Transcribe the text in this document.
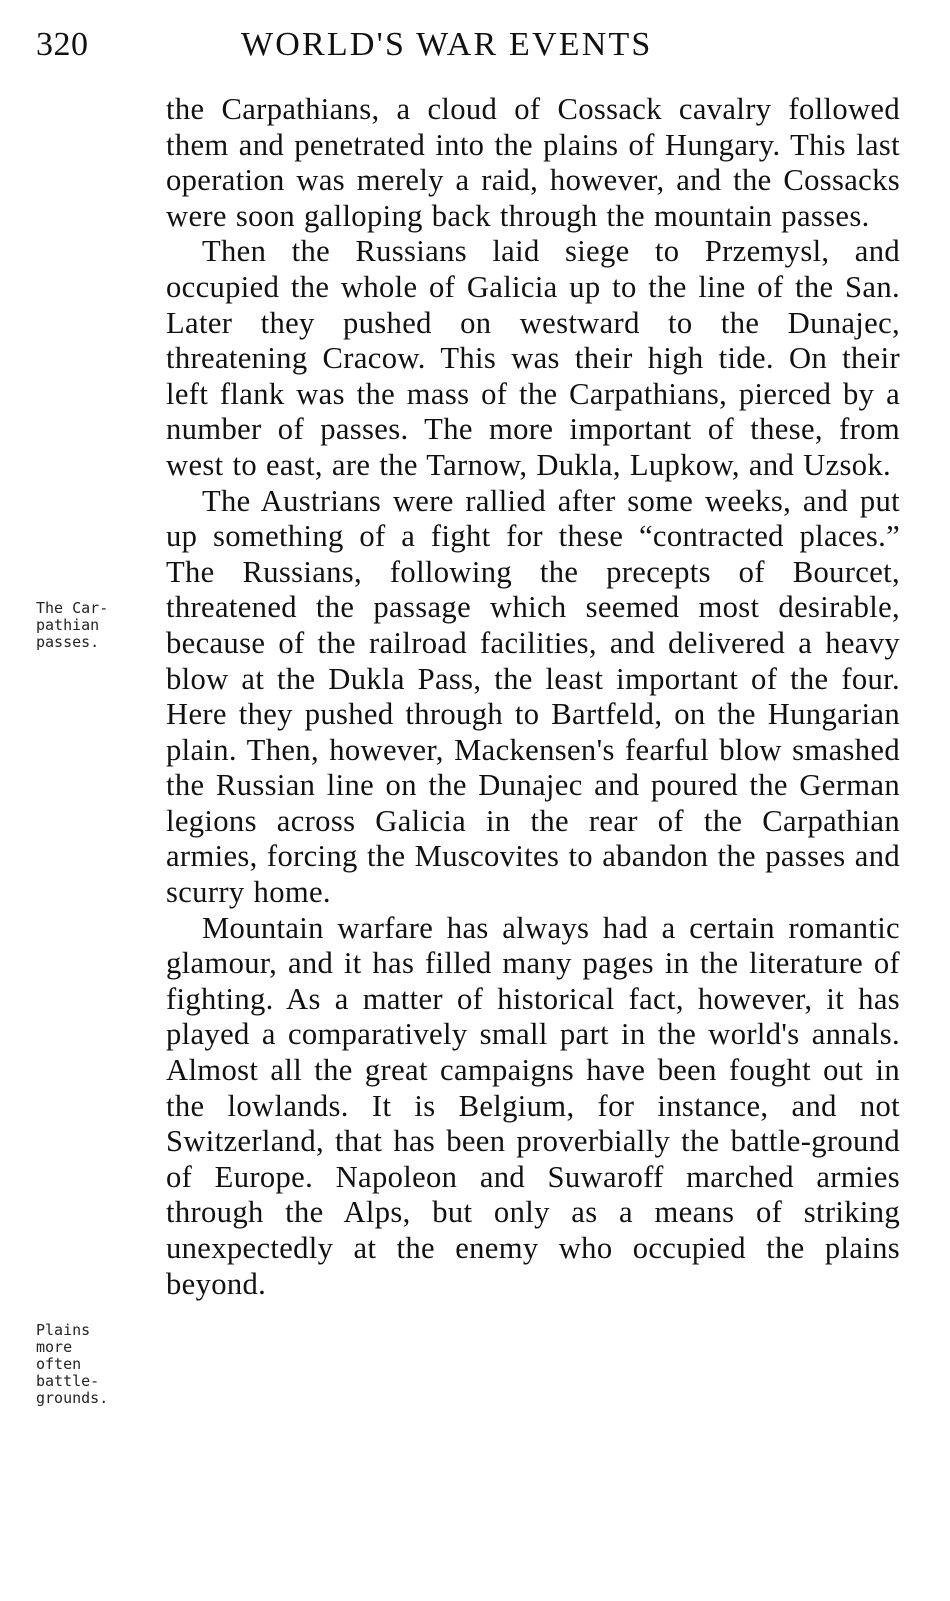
320	WORLD'S WAR EVENTS
The Car-
pathian
passes.
Plains
more
often
battle-
grounds.

the Carpathians, a cloud of Cossack cavalry followed them and penetrated into the plains of Hungary. This last operation was merely a raid, however, and the Cossacks were soon galloping back through the mountain passes.

Then the Russians laid siege to Przemysl, and occupied the whole of Galicia up to the line of the San. Later they pushed on westward to the Dunajec, threatening Cracow. This was their high tide. On their left flank was the mass of the Carpathians, pierced by a number of passes. The more important of these, from west to east, are the Tarnow, Dukla, Lupkow, and Uzsok.

The Austrians were rallied after some weeks, and put up something of a fight for these “contracted places.” The Russians, following the precepts of Bourcet, threatened the passage which seemed most desirable, because of the railroad facilities, and delivered a heavy blow at the Dukla Pass, the least important of the four. Here they pushed through to Bartfeld, on the Hungarian plain. Then, however, Mackensen's fearful blow smashed the Russian line on the Dunajec and poured the German legions across Galicia in the rear of the Carpathian armies, forcing the Muscovites to abandon the passes and scurry home.

Mountain warfare has always had a certain romantic glamour, and it has filled many pages in the literature of fighting. As a matter of historical fact, however, it has played a comparatively small part in the world's annals. Almost all the great campaigns have been fought out in the lowlands. It is Belgium, for instance, and not Switzerland, that has been proverbially the battle-ground of Europe. Napoleon and Suwaroff marched armies through the Alps, but only as a means of striking unexpectedly at the enemy who occupied the plains beyond.
